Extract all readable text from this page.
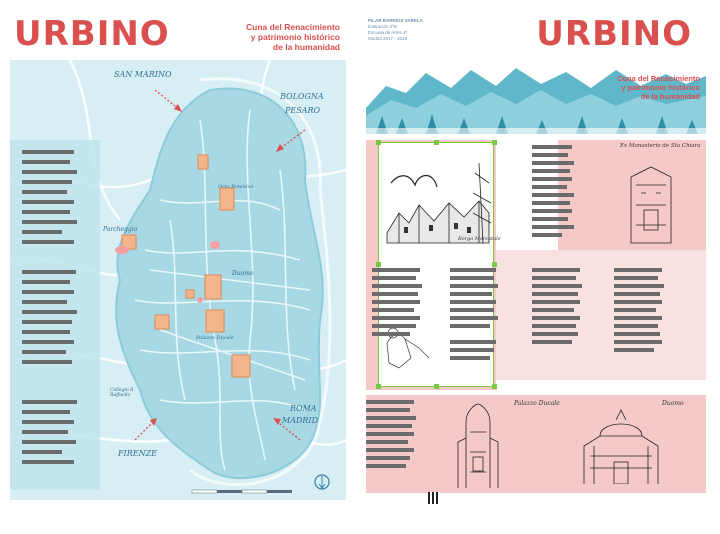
URBINO	Cuna del Renacimiento
y patrimonio histórico
de la humanidad
SAN MARINO
BOLOGNA
PESARO
ROMA
MADRID
FIRENZE
Duomo
Palazzo Ducale
Parcheggio
Orto Botanico
Collegio Il Raffaello
PILAR BARRIOS VARELA
Ilustración 2ºB
Escuela de Artes 4ª
Madrid 2017 - 2018	URBINO
Cuna del Renacimiento
y patrimonio histórico
de la humanidad
Borgo Mercatale
Ex Monasterio de Sta Chiara
Palazzo Ducale	Duomo
